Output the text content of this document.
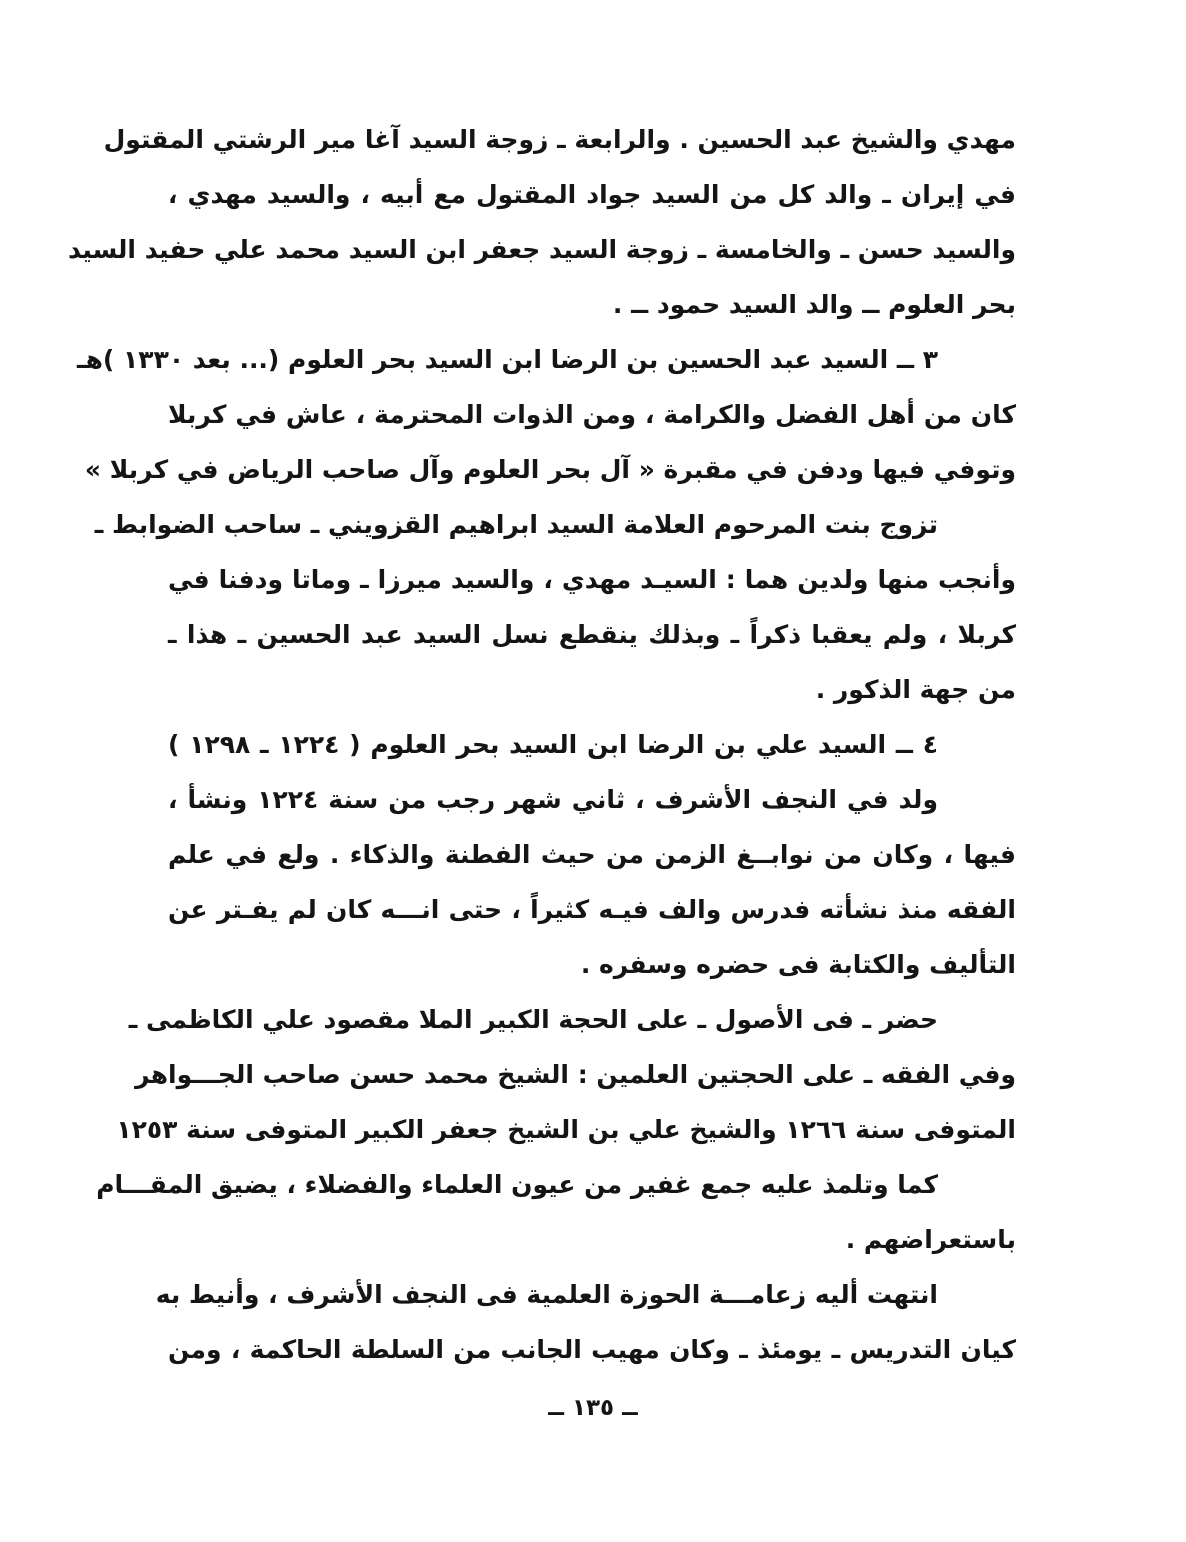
مهدي والشيخ عبد الحسين . والرابعة ـ زوجة السيد آغا مير الرشتي المقتول
في إيران ـ والد كل من السيد جواد المقتول مع أبيه ، والسيد مهدي ،
والسيد حسن ـ والخامسة ـ زوجة السيد جعفر ابن السيد محمد علي حفيد السيد
بحر العلوم ــ والد السيد حمود ــ .
٣ ــ السيد عبد الحسين بن الرضا ابن السيد بحر العلوم (... بعد ١٣٣٠ )هـ
كان من أهل الفضل والكرامة ، ومن الذوات المحترمة ، عاش في كربلا
وتوفي فيها ودفن في مقبرة « آل بحر العلوم وآل صاحب الرياض في كربلا »
تزوج بنت المرحوم العلامة السيد ابراهيم القزويني ـ ساحب الضوابط ـ
وأنجب منها ولدين هما : السيـد مهدي ، والسيد ميرزا ـ وماتا ودفنا في
كربلا ، ولم يعقبا ذكراً ـ وبذلك ينقطع نسل السيد عبد الحسين ـ هذا ـ
من جهة الذكور .
٤ ــ السيد علي بن الرضا ابن السيد بحر العلوم ( ١٢٢٤ ـ ١٢٩٨ )
ولد في النجف الأشرف ، ثاني شهر رجب من سنة ١٢٢٤ ونشأ ،
فيها ، وكان من نوابــغ الزمن من حيث الفطنة والذكاء . ولع في علم
الفقه منذ نشأته فدرس والف فيـه كثيراً ، حتى انـــه كان لم يفـتر عن
التأليف والكتابة فى حضره وسفره .
حضر ـ فى الأصول ـ على الحجة الكبير الملا مقصود علي الكاظمى ـ
وفي الفقه ـ على الحجتين العلمين : الشيخ محمد حسن صاحب الجـــواهر
المتوفى سنة ١٢٦٦ والشيخ علي بن الشيخ جعفر الكبير المتوفى سنة ١٢٥٣
كما وتلمذ عليه جمع غفير من عيون العلماء والفضلاء ، يضيق المقـــام
باستعراضهم .
انتهت أليه زعامـــة الحوزة العلمية فى النجف الأشرف ، وأنيط به
كيان التدريس ـ يومئذ ـ وكان مهيب الجانب من السلطة الحاكمة ، ومن
ــ ١٣٥ ــ
